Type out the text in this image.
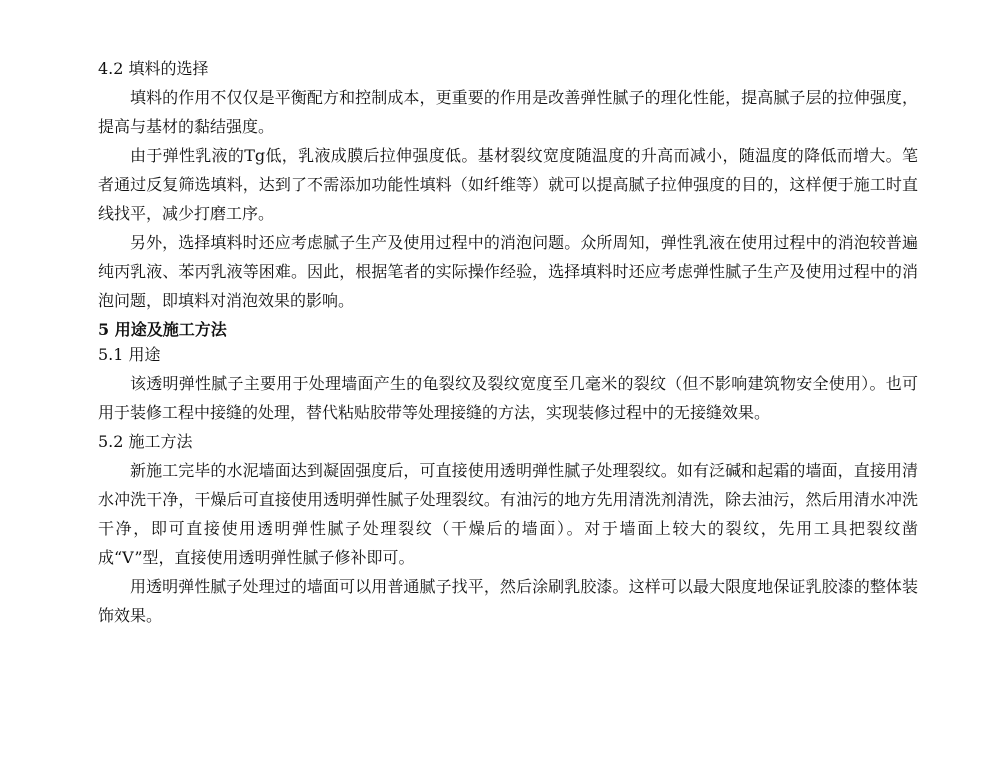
4.2 填料的选择

填料的作用不仅仅是平衡配方和控制成本，更重要的作用是改善弹性腻子的理化性能，提高腻子层的拉伸强度，提高与基材的黏结强度。

由于弹性乳液的Tg低，乳液成膜后拉伸强度低。基材裂纹宽度随温度的升高而减小，随温度的降低而增大。笔者通过反复筛选填料，达到了不需添加功能性填料（如纤维等）就可以提高腻子拉伸强度的目的，这样便于施工时直线找平，减少打磨工序。

另外，选择填料时还应考虑腻子生产及使用过程中的消泡问题。众所周知，弹性乳液在使用过程中的消泡较普遍纯丙乳液、苯丙乳液等困难。因此，根据笔者的实际操作经验，选择填料时还应考虑弹性腻子生产及使用过程中的消泡问题，即填料对消泡效果的影响。

5 用途及施工方法
5.1 用途

该透明弹性腻子主要用于处理墙面产生的龟裂纹及裂纹宽度至几毫米的裂纹（但不影响建筑物安全使用）。也可用于装修工程中接缝的处理，替代粘贴胶带等处理接缝的方法，实现装修过程中的无接缝效果。

5.2 施工方法

新施工完毕的水泥墙面达到凝固强度后，可直接使用透明弹性腻子处理裂纹。如有泛碱和起霜的墙面，直接用清水冲洗干净，干燥后可直接使用透明弹性腻子处理裂纹。有油污的地方先用清洗剂清洗，除去油污，然后用清水冲洗干净，即可直接使用透明弹性腻子处理裂纹（干燥后的墙面）。对于墙面上较大的裂纹，先用工具把裂纹凿成“V”型，直接使用透明弹性腻子修补即可。

用透明弹性腻子处理过的墙面可以用普通腻子找平，然后涂刷乳胶漆。这样可以最大限度地保证乳胶漆的整体装饰效果。
